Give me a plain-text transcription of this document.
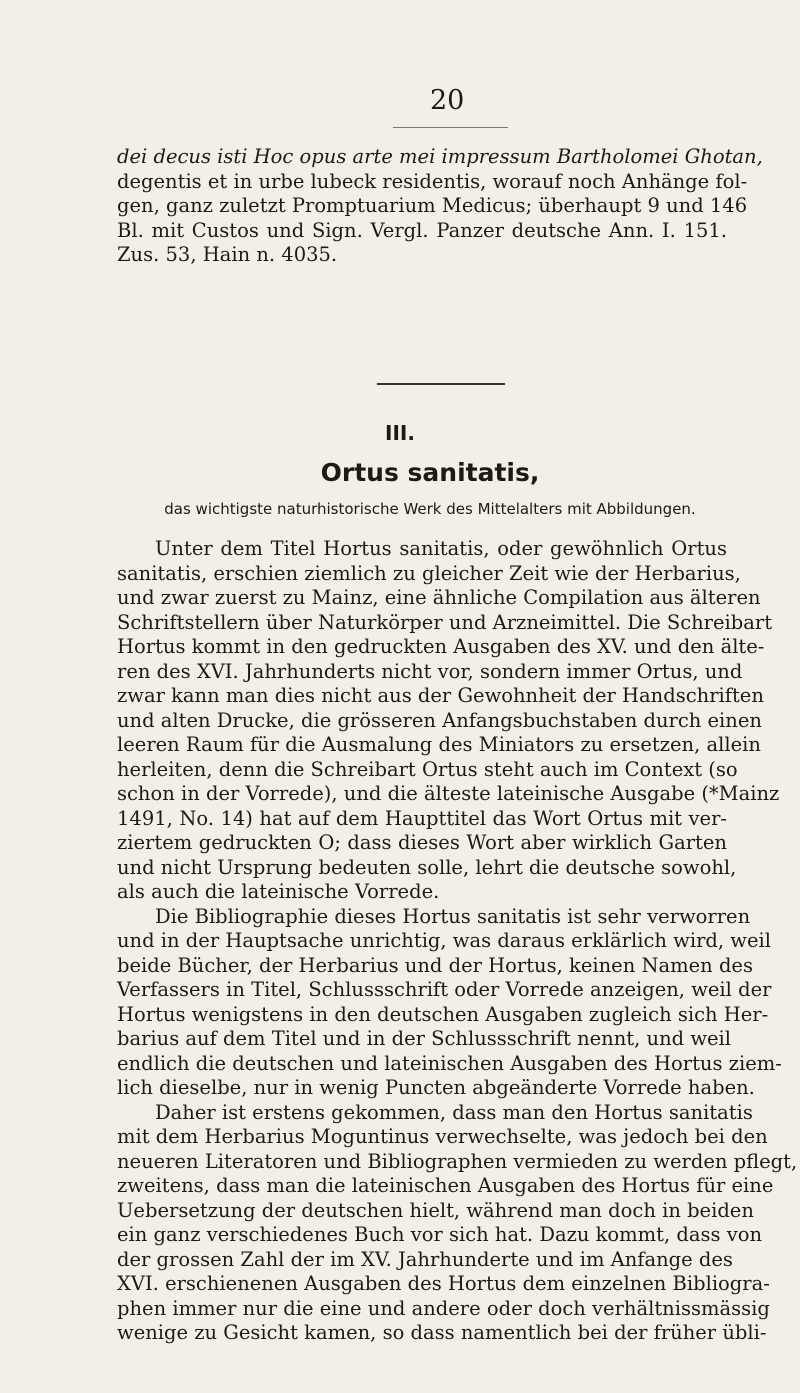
20
dei decus isti Hoc opus arte mei impressum Bartholomei Ghotan,
degentis et in urbe lubeck residentis, worauf noch Anhänge fol-
gen, ganz zuletzt Promptuarium Medicus; überhaupt 9 und 146
Bl. mit Custos und Sign. Vergl. Panzer deutsche Ann. I. 151.
Zus. 53, Hain n. 4035.
III.
Ortus sanitatis,
das wichtigste naturhistorische Werk des Mittelalters mit Abbildungen.
Unter dem Titel Hortus sanitatis, oder gewöhnlich Ortus
sanitatis, erschien ziemlich zu gleicher Zeit wie der Herbarius,
und zwar zuerst zu Mainz, eine ähnliche Compilation aus älteren
Schriftstellern über Naturkörper und Arzneimittel. Die Schreibart
Hortus kommt in den gedruckten Ausgaben des XV. und den älte-
ren des XVI. Jahrhunderts nicht vor, sondern immer Ortus, und
zwar kann man dies nicht aus der Gewohnheit der Handschriften
und alten Drucke, die grösseren Anfangsbuchstaben durch einen
leeren Raum für die Ausmalung des Miniators zu ersetzen, allein
herleiten, denn die Schreibart Ortus steht auch im Context (so
schon in der Vorrede), und die älteste lateinische Ausgabe (*Mainz
1491, No. 14) hat auf dem Haupttitel das Wort Ortus mit ver-
ziertem gedruckten O; dass dieses Wort aber wirklich Garten
und nicht Ursprung bedeuten solle, lehrt die deutsche sowohl,
als auch die lateinische Vorrede.
Die Bibliographie dieses Hortus sanitatis ist sehr verworren
und in der Hauptsache unrichtig, was daraus erklärlich wird, weil
beide Bücher, der Herbarius und der Hortus, keinen Namen des
Verfassers in Titel, Schlussschrift oder Vorrede anzeigen, weil der
Hortus wenigstens in den deutschen Ausgaben zugleich sich Her-
barius auf dem Titel und in der Schlussschrift nennt, und weil
endlich die deutschen und lateinischen Ausgaben des Hortus ziem-
lich dieselbe, nur in wenig Puncten abgeänderte Vorrede haben.
Daher ist erstens gekommen, dass man den Hortus sanitatis
mit dem Herbarius Moguntinus verwechselte, was jedoch bei den
neueren Literatoren und Bibliographen vermieden zu werden pflegt,
zweitens, dass man die lateinischen Ausgaben des Hortus für eine
Uebersetzung der deutschen hielt, während man doch in beiden
ein ganz verschiedenes Buch vor sich hat. Dazu kommt, dass von
der grossen Zahl der im XV. Jahrhunderte und im Anfange des
XVI. erschienenen Ausgaben des Hortus dem einzelnen Bibliogra-
phen immer nur die eine und andere oder doch verhältnissmässig
wenige zu Gesicht kamen, so dass namentlich bei der früher übli-
